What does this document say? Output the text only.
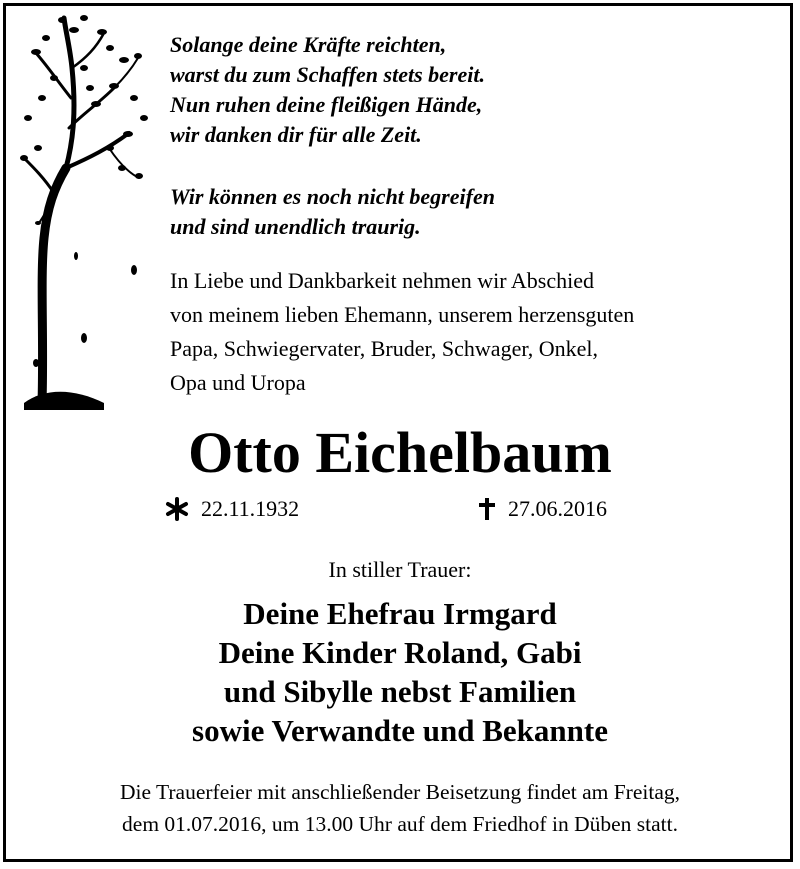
Solange deine Kräfte reichten,
warst du zum Schaffen stets bereit.
Nun ruhen deine fleißigen Hände,
wir danken dir für alle Zeit.
Wir können es noch nicht begreifen
und sind unendlich traurig.
In Liebe und Dankbarkeit nehmen wir Abschied
von meinem lieben Ehemann, unserem herzensguten
Papa, Schwiegervater, Bruder, Schwager, Onkel,
Opa und Uropa
Otto Eichelbaum
22.11.1932	27.06.2016
In stiller Trauer:
Deine Ehefrau Irmgard
Deine Kinder Roland, Gabi
und Sibylle nebst Familien
sowie Verwandte und Bekannte
Die Trauerfeier mit anschließender Beisetzung findet am Freitag,
dem 01.07.2016, um 13.00 Uhr auf dem Friedhof in Düben statt.
